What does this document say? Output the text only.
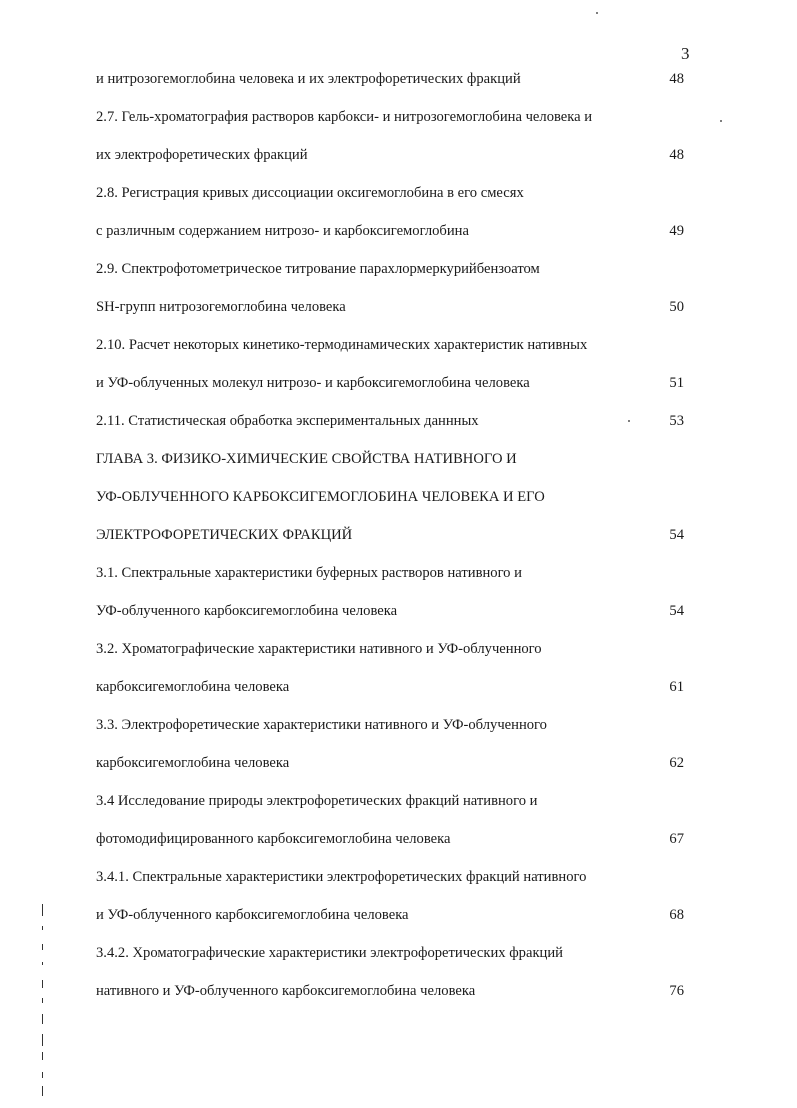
3
и нитрозогемоглобина человека и их электрофоретических фракций	48
2.7. Гель-хроматография растворов карбокси- и нитрозогемоглобина человека и
их электрофоретических фракций	48
2.8. Регистрация кривых диссоциации оксигемоглобина в его смесях
с различным содержанием нитрозо- и карбоксигемоглобина	49
2.9. Спектрофотометрическое титрование парахлормеркурийбензоатом
SH-групп нитрозогемоглобина человека	50
2.10. Расчет некоторых кинетико-термодинамических характеристик нативных
и УФ-облученных молекул нитрозо- и карбоксигемоглобина человека	51
2.11. Статистическая обработка экспериментальных даннных	53
ГЛАВА 3. ФИЗИКО-ХИМИЧЕСКИЕ СВОЙСТВА НАТИВНОГО И
УФ-ОБЛУЧЕННОГО КАРБОКСИГЕМОГЛОБИНА ЧЕЛОВЕКА И ЕГО
ЭЛЕКТРОФОРЕТИЧЕСКИХ ФРАКЦИЙ	54
3.1. Спектральные характеристики буферных растворов нативного и
УФ-облученного карбоксигемоглобина человека	54
3.2. Хроматографические характеристики нативного и УФ-облученного
карбоксигемоглобина человека	61
3.3. Электрофоретические характеристики нативного и УФ-облученного
карбоксигемоглобина человека	62
3.4 Исследование природы электрофоретических фракций нативного и
фотомодифицированного карбоксигемоглобина человека	67
3.4.1. Спектральные характеристики электрофоретических фракций нативного
и УФ-облученного карбоксигемоглобина человека	68
3.4.2. Хроматографические характеристики электрофоретических фракций
нативного и УФ-облученного карбоксигемоглобина человека	76
